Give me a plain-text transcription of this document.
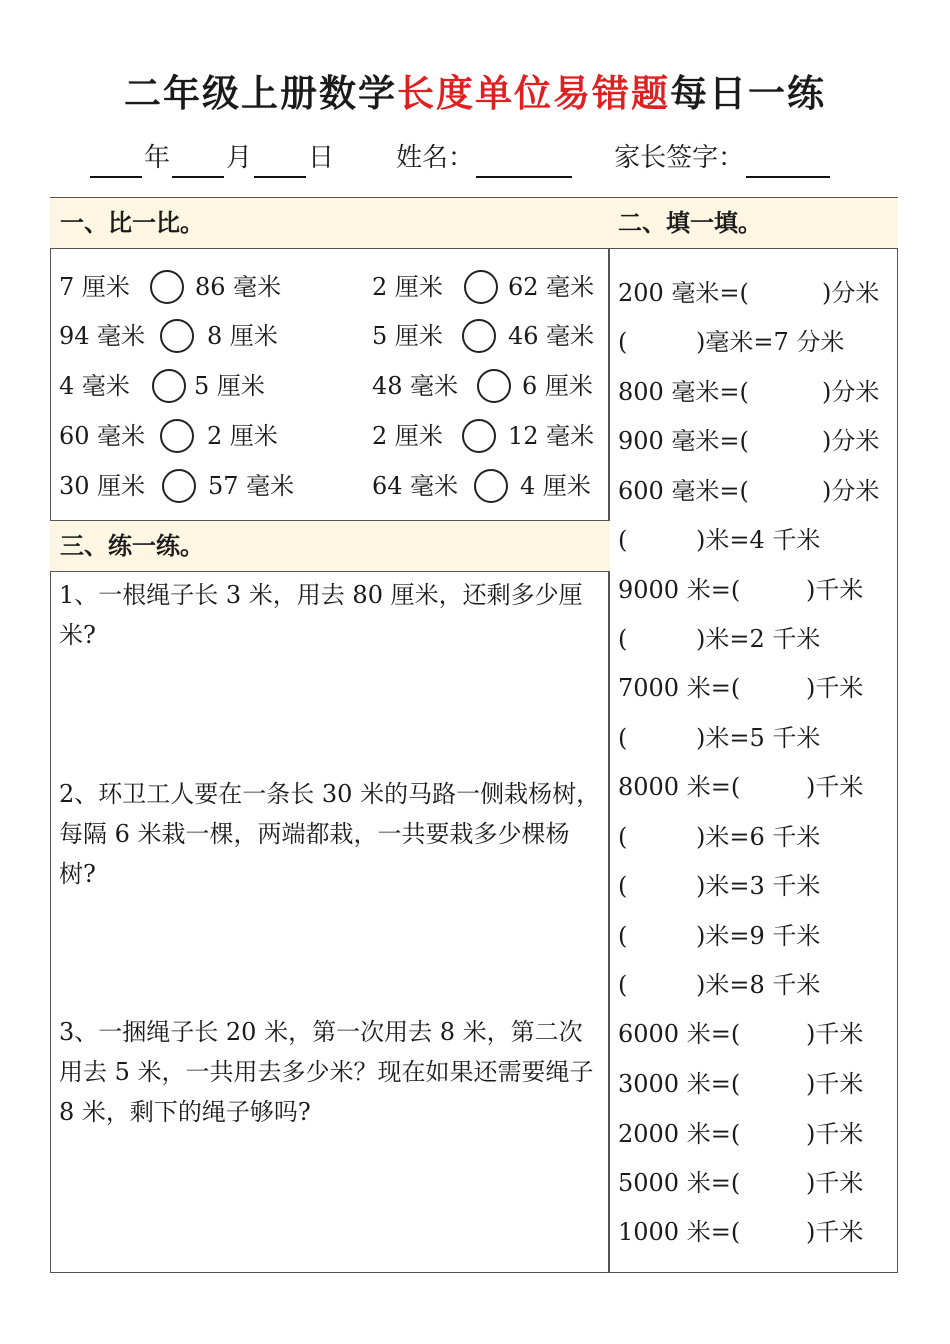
二年级上册数学长度单位易错题每日一练
年 月 日 姓名：	家长签字：
一、比一比。	二、填一填。
7 厘米	86 毫米	2 厘米	62 毫米
94 毫米	8 厘米	5 厘米	46 毫米
4 毫米	5 厘米	48 毫米	6 厘米
60 毫米	2 厘米	2 厘米	12 毫米
30 厘米	57 毫米	64 毫米	4 厘米
三、练一练。
1、一根绳子长 3 米，用去 80 厘米，还剩多少厘米?
2、环卫工人要在一条长 30 米的马路一侧栽杨树，每隔 6 米栽一棵，两端都栽，一共要栽多少棵杨树?
3、一捆绳子长 20 米，第一次用去 8 米，第二次用去 5 米，一共用去多少米？现在如果还需要绳子 8 米，剩下的绳子够吗?
200 毫米=(	)分米
(	)毫米=7 分米
800 毫米=(	)分米
900 毫米=(	)分米
600 毫米=(	)分米
(	)米=4 千米
9000 米=(	)千米
(	)米=2 千米
7000 米=(	)千米
(	)米=5 千米
8000 米=(	)千米
(	)米=6 千米
(	)米=3 千米
(	)米=9 千米
(	)米=8 千米
6000 米=(	)千米
3000 米=(	)千米
2000 米=(	)千米
5000 米=(	)千米
1000 米=(	)千米
